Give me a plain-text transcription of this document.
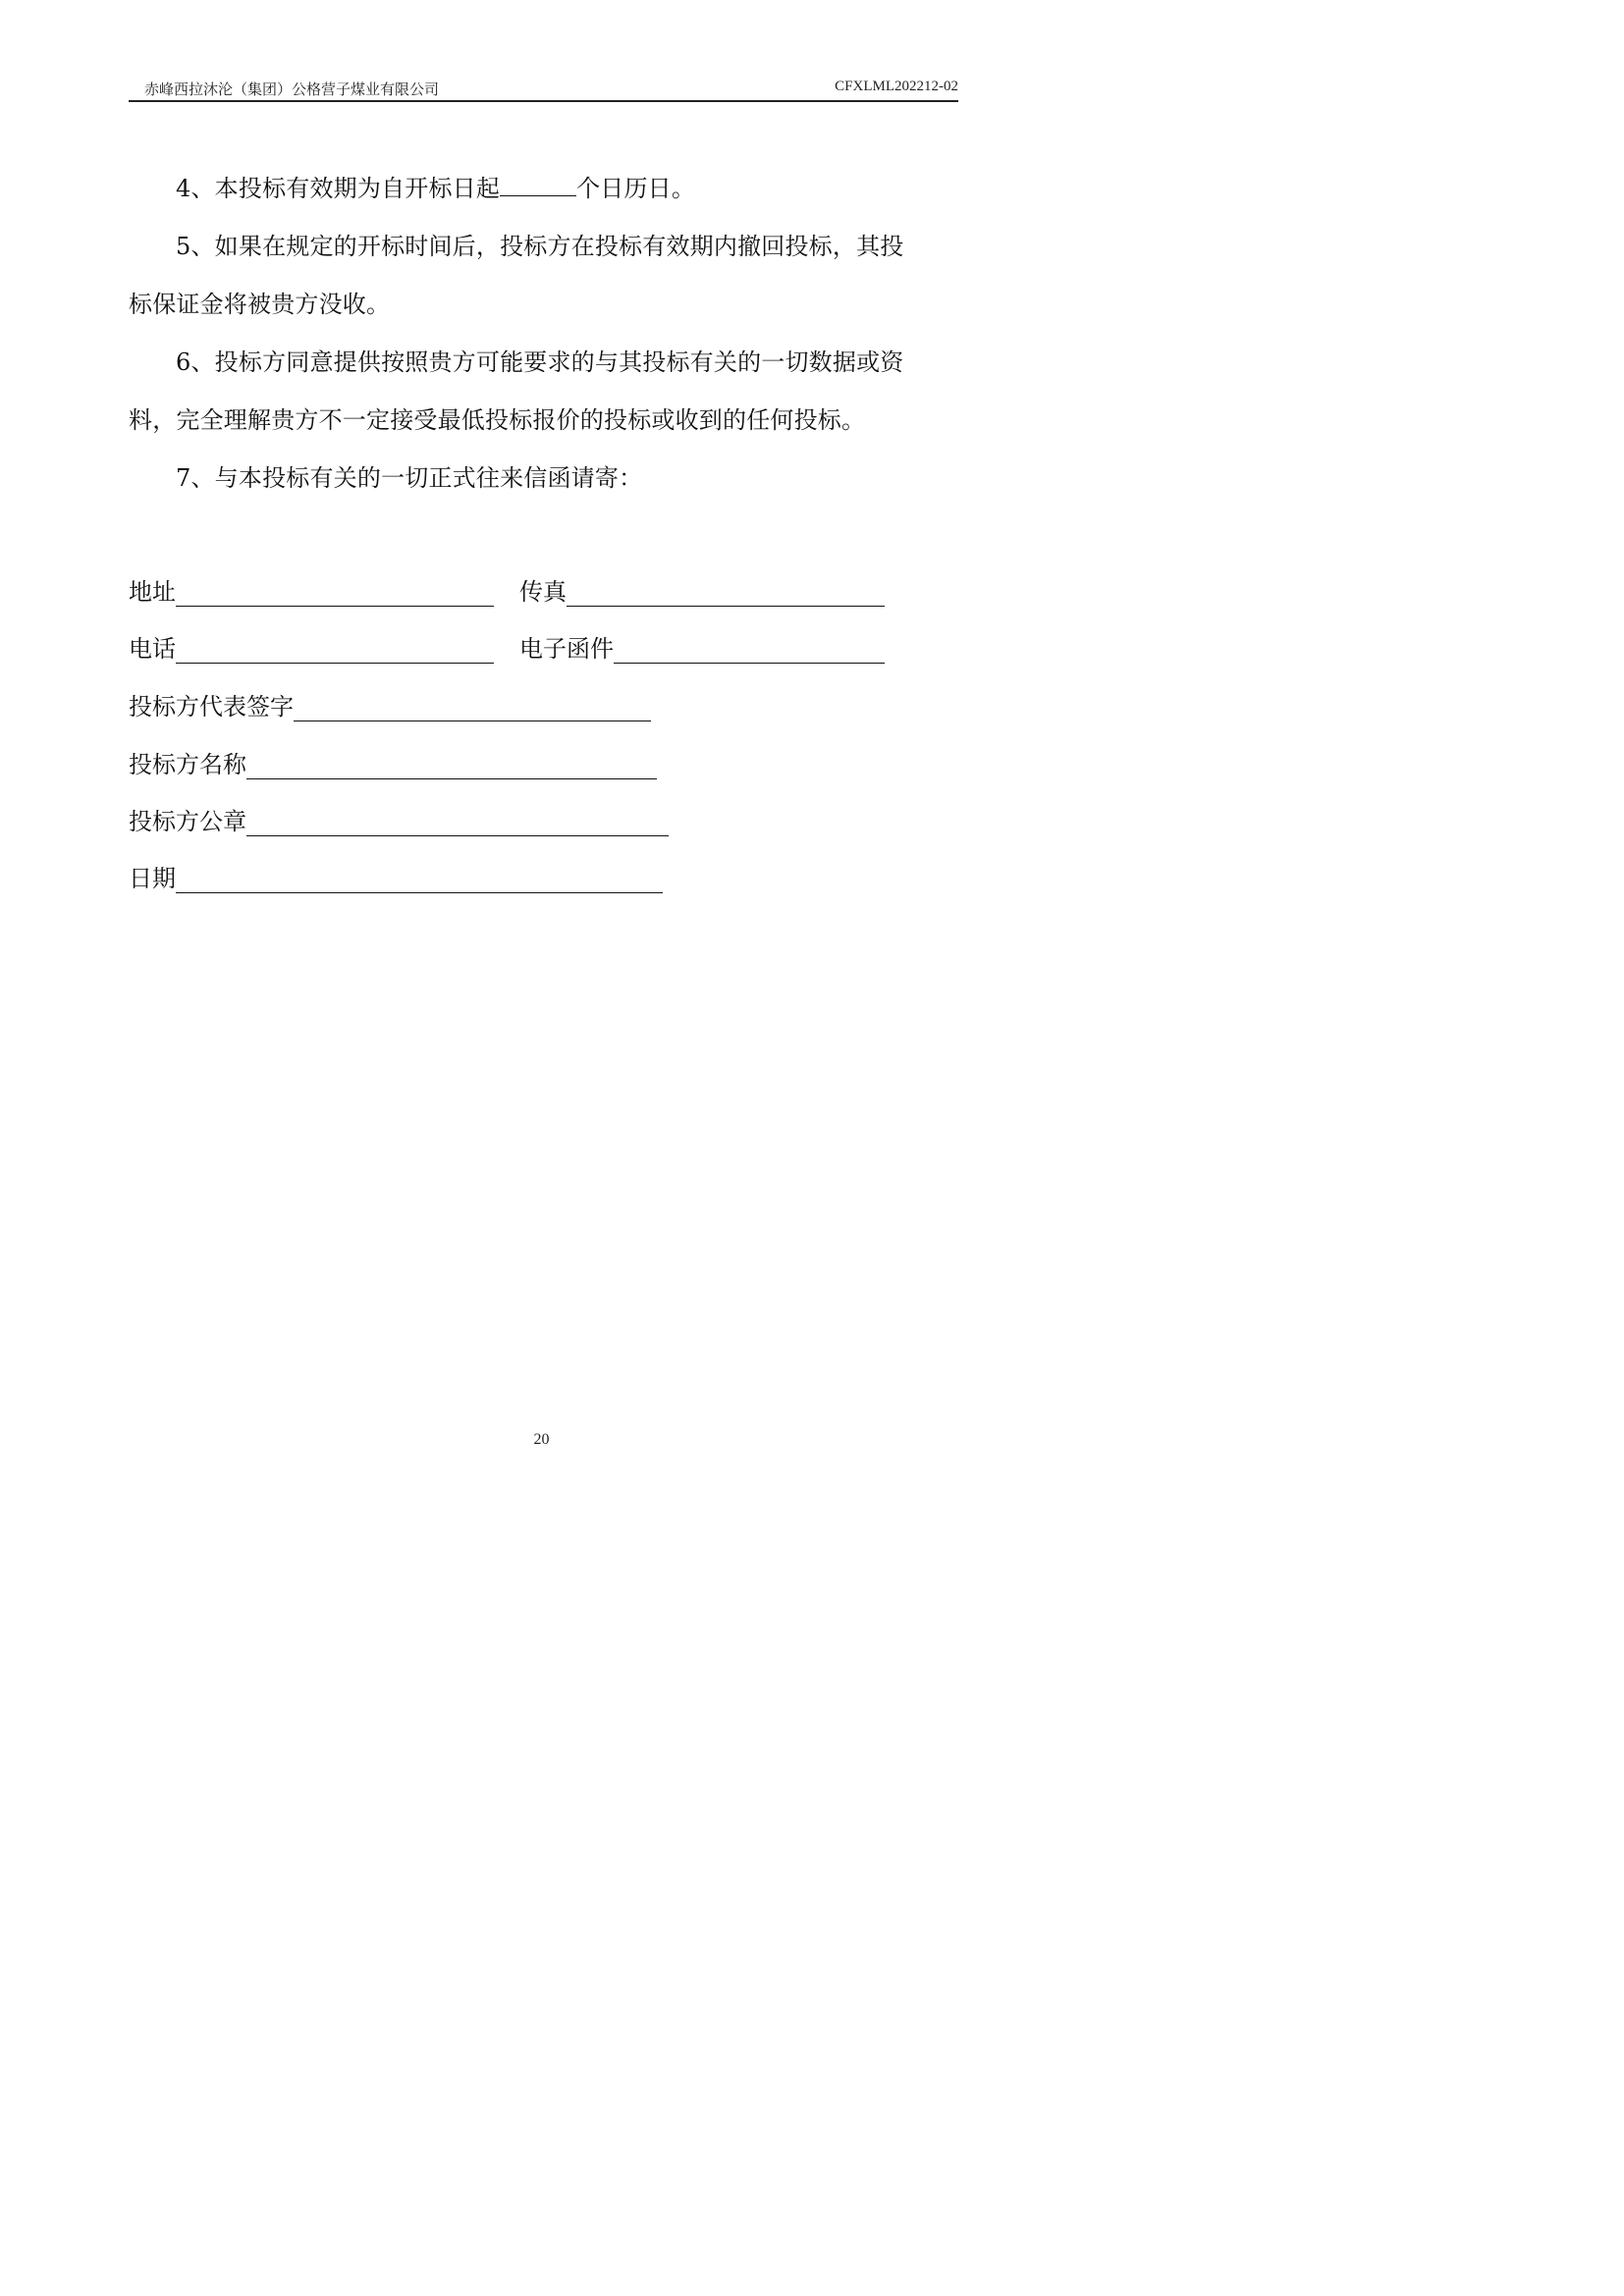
赤峰西拉沐沦（集团）公格营子煤业有限公司	CFXLML202212-02
4、本投标有效期为自开标日起	个日历日。
5、如果在规定的开标时间后，投标方在投标有效期内撤回投标，其投
标保证金将被贵方没收。
6、投标方同意提供按照贵方可能要求的与其投标有关的一切数据或资
料，完全理解贵方不一定接受最低投标报价的投标或收到的任何投标。
7、与本投标有关的一切正式往来信函请寄：
地址	传真
电话	电子函件
投标方代表签字
投标方名称
投标方公章
日期
20
